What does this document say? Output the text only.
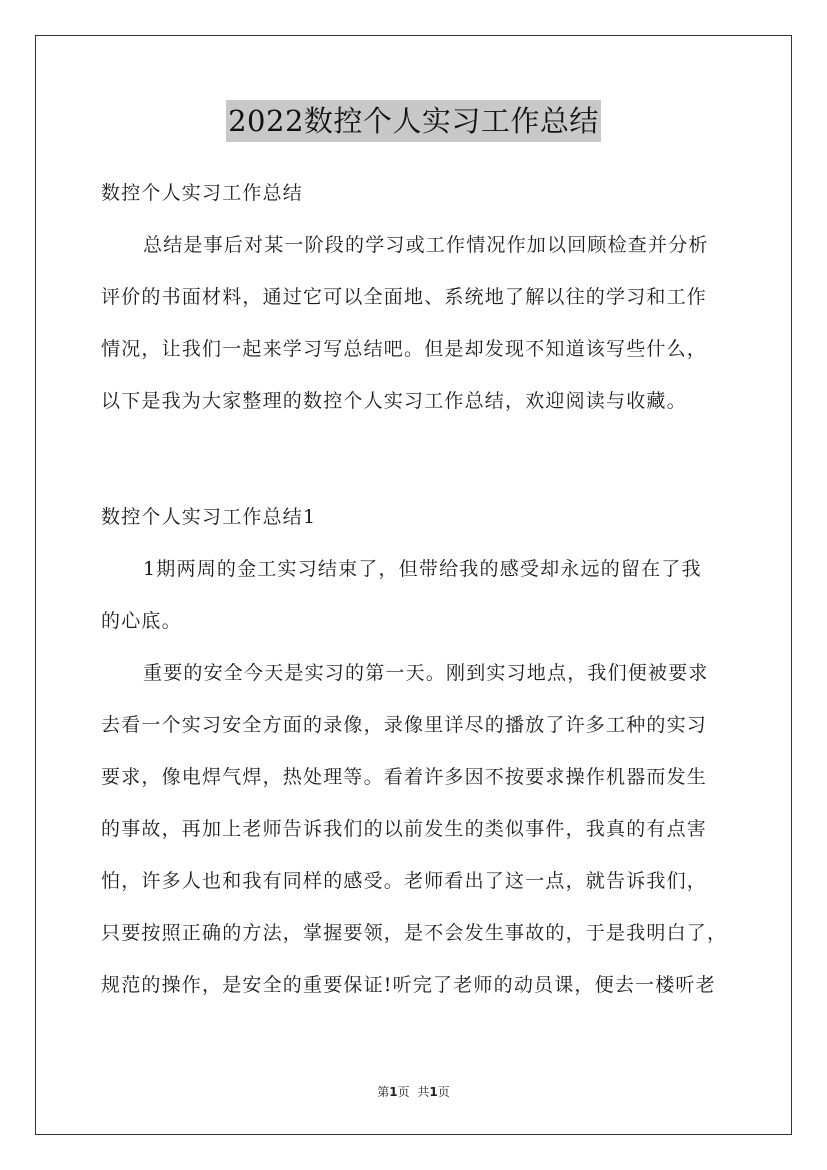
2022数控个人实习工作总结
数控个人实习工作总结
总结是事后对某一阶段的学习或工作情况作加以回顾检查并分析
评价的书面材料，通过它可以全面地、系统地了解以往的学习和工作
情况，让我们一起来学习写总结吧。但是却发现不知道该写些什么，
以下是我为大家整理的数控个人实习工作总结，欢迎阅读与收藏。
数控个人实习工作总结1
1期两周的金工实习结束了，但带给我的感受却永远的留在了我
的心底。
重要的安全今天是实习的第一天。刚到实习地点，我们便被要求
去看一个实习安全方面的录像，录像里详尽的播放了许多工种的实习
要求，像电焊气焊，热处理等。看着许多因不按要求操作机器而发生
的事故，再加上老师告诉我们的以前发生的类似事件，我真的有点害
怕，许多人也和我有同样的感受。老师看出了这一点，就告诉我们，
只要按照正确的方法，掌握要领，是不会发生事故的，于是我明白了，
规范的操作，是安全的重要保证!听完了老师的动员课，便去一楼听老
第1页 共1页
